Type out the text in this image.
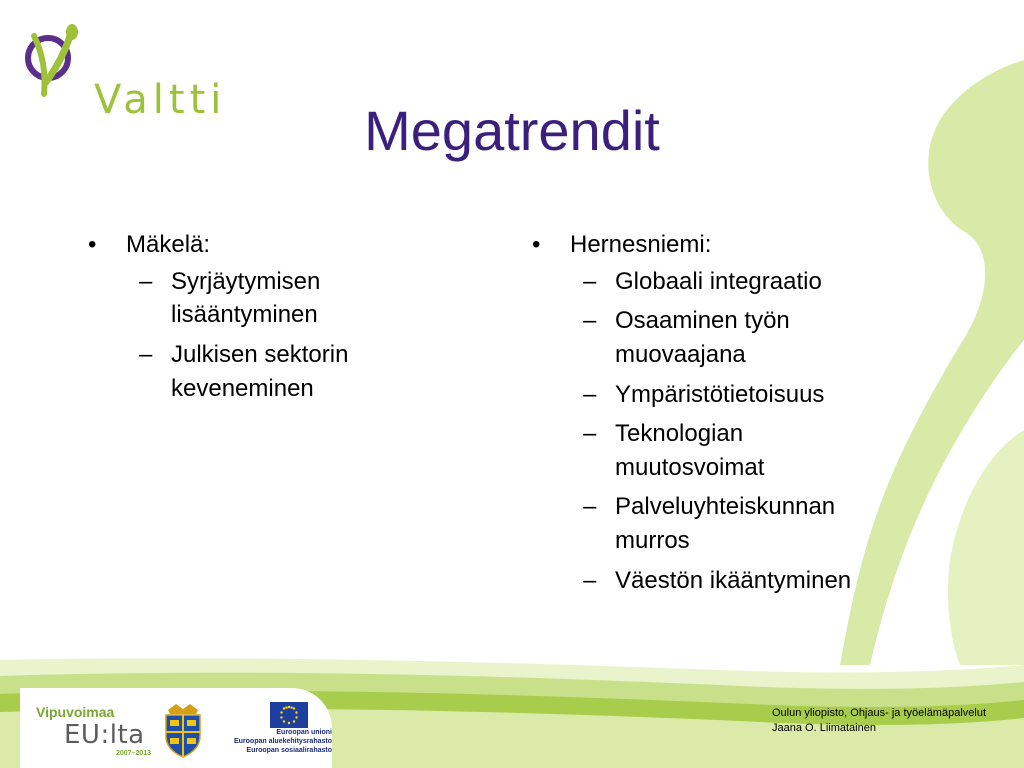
Valtti	Megatrendit
• Mäkelä:
– Syrjäytymisen lisääntyminen
– Julkisen sektorin keveneminen
• Hernesniemi:
– Globaali integraatio
– Osaaminen työn muovaajana
– Ympäristötietoisuus
– Teknologian muutosvoimat
– Palveluyhteiskunnan murros
– Väestön ikääntyminen
Vipuvoimaa
EU:lta
2007–2013
Euroopan unioni
Euroopan aluekehitysrahasto
Euroopan sosiaalirahasto
Oulun yliopisto, Ohjaus- ja työelämäpalvelut
Jaana O. Liimatainen
